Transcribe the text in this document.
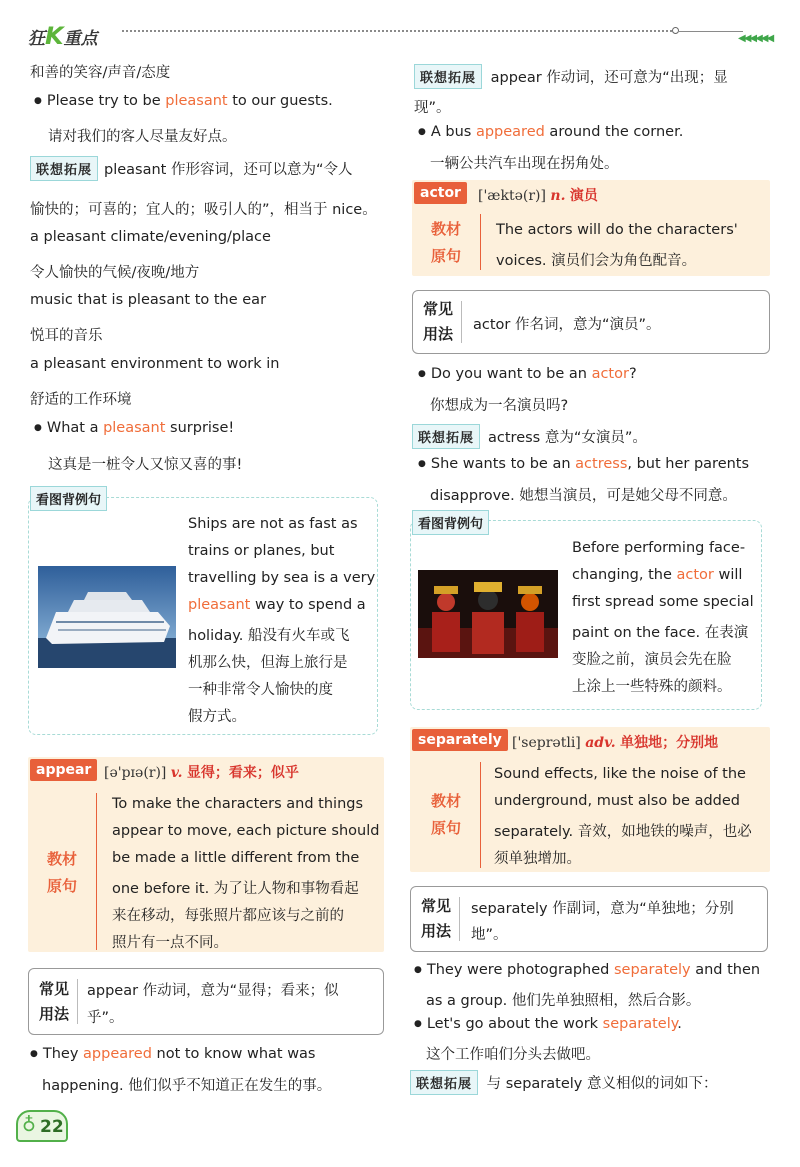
狂K重点	◀◀◀◀◀◀
和善的笑容/声音/态度
● Please try to be pleasant to our guests.
请对我们的客人尽量友好点。
联想拓展 pleasant 作形容词，还可以意为“令人
愉快的；可喜的；宜人的；吸引人的”，相当于 nice。
a pleasant climate/evening/place
令人愉快的气候/夜晚/地方
music that is pleasant to the ear
悦耳的音乐
a pleasant environment to work in
舒适的工作环境
● What a pleasant surprise!
这真是一桩令人又惊又喜的事!
看图背例句
Ships are not as fast as
trains or planes, but
travelling by sea is a very
pleasant way to spend a
holiday. 船没有火车或飞
机那么快，但海上旅行是
一种非常令人愉快的度
假方式。
appear [ə'pɪə(r)] v. 显得；看来；似乎
教材
原句
To make the characters and things
appear to move, each picture should
be made a little different from the
one before it. 为了让人物和事物看起
来在移动，每张照片都应该与之前的
照片有一点不同。
常见
用法
appear 作动词，意为“显得；看来；似
乎”。
● They appeared not to know what was
happening. 他们似乎不知道正在发生的事。
♁ 22
联想拓展 appear 作动词，还可意为“出现；显
现”。
● A bus appeared around the corner.
一辆公共汽车出现在拐角处。
actor	['æktə(r)] n. 演员
教材
原句
The actors will do the characters'
voices. 演员们会为角色配音。
常见
用法 actor 作名词，意为“演员”。
● Do you want to be an actor?
你想成为一名演员吗?
联想拓展 actress 意为“女演员”。
● She wants to be an actress, but her parents
disapprove. 她想当演员，可是她父母不同意。
看图背例句
Before performing face-
changing, the actor will
first spread some special
paint on the face. 在表演
变脸之前，演员会先在脸
上涂上一些特殊的颜料。
separately ['seprətli] adv. 单独地；分别地
教材
原句
Sound effects, like the noise of the
underground, must also be added
separately. 音效，如地铁的噪声，也必
须单独增加。
常见
用法
separately 作副词，意为“单独地；分别
地”。
● They were photographed separately and then
as a group. 他们先单独照相，然后合影。
● Let's go about the work separately.
这个工作咱们分头去做吧。
联想拓展 与 separately 意义相似的词如下：
